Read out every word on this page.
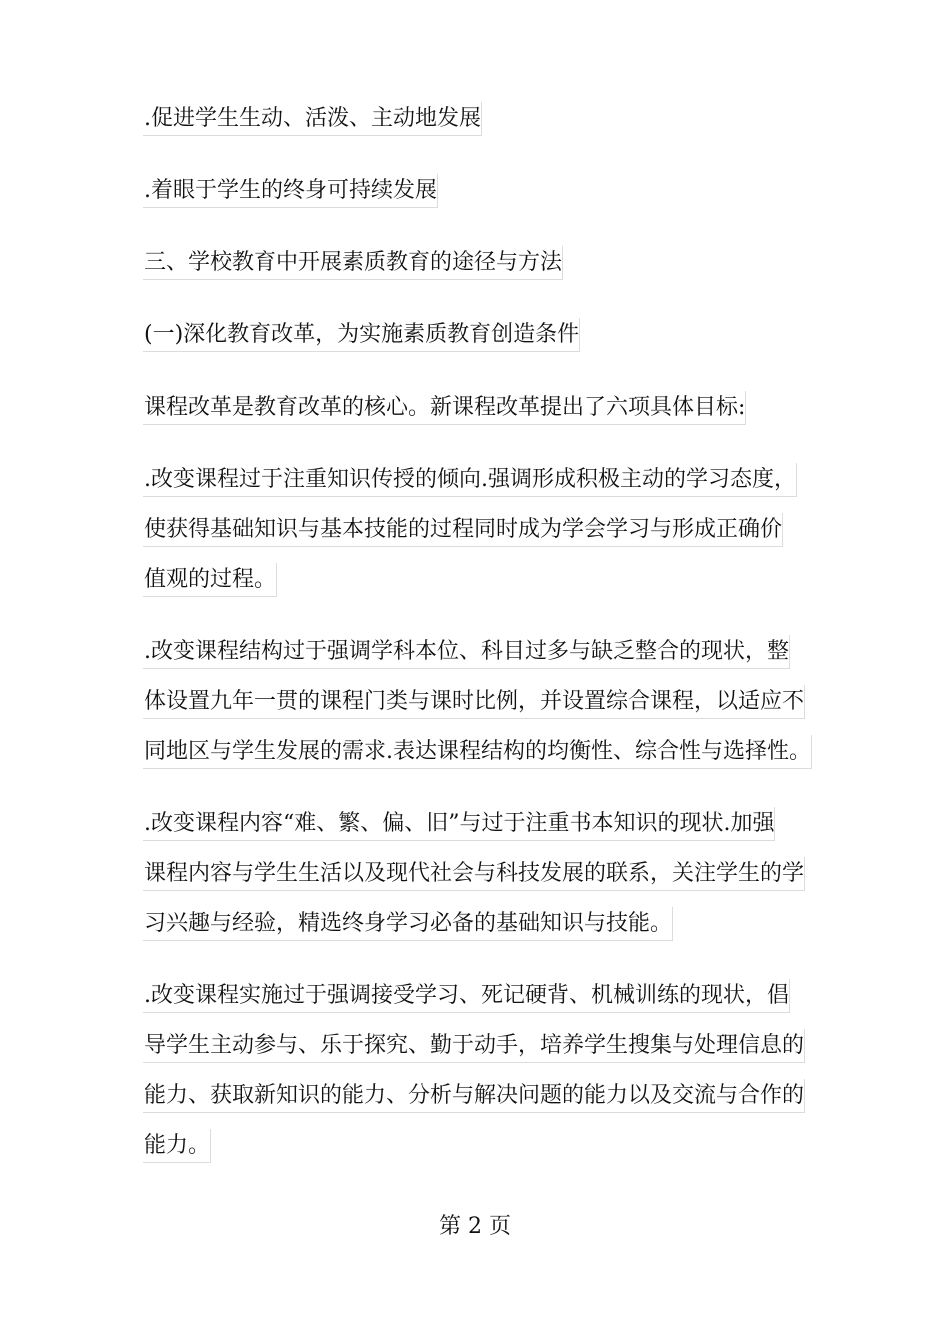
.促进学生生动、活泼、主动地发展
.着眼于学生的终身可持续发展
三、学校教育中开展素质教育的途径与方法
(一)深化教育改革，为实施素质教育创造条件
课程改革是教育改革的核心。新课程改革提出了六项具体目标:
.改变课程过于注重知识传授的倾向.强调形成积极主动的学习态度，
使获得基础知识与基本技能的过程同时成为学会学习与形成正确价
值观的过程。
.改变课程结构过于强调学科本位、科目过多与缺乏整合的现状，整
体设置九年一贯的课程门类与课时比例，并设置综合课程，以适应不
同地区与学生发展的需求.表达课程结构的均衡性、综合性与选择性。
.改变课程内容“难、繁、偏、旧”与过于注重书本知识的现状.加强
课程内容与学生生活以及现代社会与科技发展的联系，关注学生的学
习兴趣与经验，精选终身学习必备的基础知识与技能。
.改变课程实施过于强调接受学习、死记硬背、机械训练的现状，倡
导学生主动参与、乐于探究、勤于动手，培养学生搜集与处理信息的
能力、获取新知识的能力、分析与解决问题的能力以及交流与合作的
能力。
第 2 页
